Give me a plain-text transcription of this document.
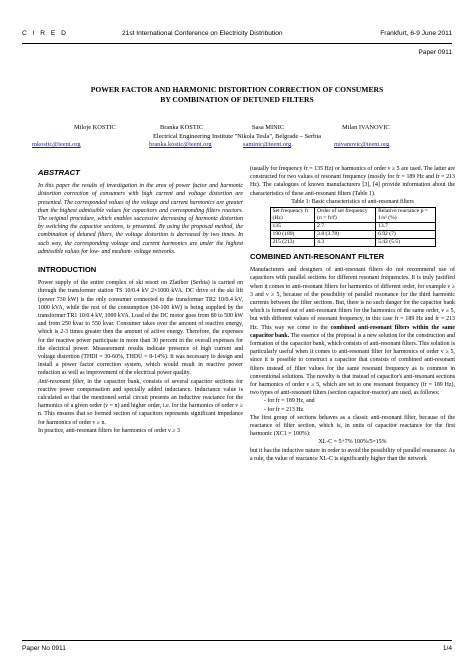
C I R E D	21st International Conference on Electricity Distribution	Frankfurt, 6-9 June 2011
Paper 0911
POWER FACTOR AND HARMONIC DISTORTION CORRECTION OF CONSUMERS
BY COMBINATION OF DETUNED FILTERS
Miloje KOSTIC	Branka KOSTIC	Sasa MINIC	Milan IVANOVIC
Electrical Engineering Institute "Nikola Tesla", Belgrade – Serbia
mkostic@ieent.org	branka.kostic@ieent.org	saminic@ieent.org	mivanovic@ieent.org
ABSTRACT

In this paper the results of investigation in the area of power factor and harmonic distortion correction of consumers with high current and voltage distortion are presented. The corresponded values of the voltage and current harmonics are greater than the highest admissible values for capacitors and corresponding filters reactors. The original procedure, which enables successive decreasing of harmonic distortion by switching the capacitor sections, is presented. By using the proposed method, the combination of detuned filters, the voltage distortion is decreased by two times. In such way, the corresponding voltage and current harmonics are under the highest admissible values for low- and medium- voltage networks.

INTRODUCTION

Power supply of the entire complex of ski resort on Zlatibor (Serbia) is carried on through the transformer station TS 10/0.4 kV 2×1000 kVA. DC drive of the ski lift (power 730 kW) is the only consumer connected to the transformer TR2 10/0.4 kV, 1000 kVA, while the rest of the consumption (30-100 kW) is being supplied by the transformer TR1 10/0.4 kV, 1000 kVA. Load of the DC motor goes from 80 to 500 kW and from 250 kvar to 550 kvar. Consumer takes over the amount of reactive energy, which is 2-3 times greater then the amount of active energy. Therefore, the expenses for the reactive power participate in more than 30 percent in the overall expenses for the electrical power. Measurement results indicate presence of high current and voltage distortion (THDI = 30-60%, THDU = 8-14%). It was necessary to design and install a power factor correction system, which would result in reactive power reduction as well as improvement of the electrical power quality.

Anti-resonant filter, in the capacitor bank, consists of several capacitor sections for reactive power compensation and specially added inductance. Inductance value is calculated so that the mentioned serial circuit presents an inductive reactance for the harmonics of a given order (ν = n) and higher order, i.e. for the harmonics of order ν ≥ n. This ensures that so formed section of capacitors represents significant impedance for harmonics of order ν ≥ n.

In practice, anti-resonant filters for harmonics of order ν ≥ 3

(usually for frequency fr = 135 Hz) or harmonics of order ν ≥ 5 are used. The latter are constructed for two values of resonant frequency (mostly for fr = 189 Hz and fr = 213 Hz). The catalogues of known manufacturers [3], [4] provide information about the characteristics of these anti-resonant filters (Table 1).

Table 1: Basic characteristics of anti-resonant filters
Set frequency fr (Hz)	Order of set frequency (n = fr/f)	Relative reactance p = 1/n² (%)
135	2.7	13.7
190 (189)	3.8 (3.78)	6.92 (7)
215 (213)	4.3	5.42 (5.5)
COMBINED ANTI-RESONANT FILTER

Manufacturers and designers of anti-resonant filters do not recommend use of capacitors with parallel sections for different resonant frequencies. It is truly justified when it comes to anti-resonant filters for harmonics of different order, for example ν ≥ 3 and ν ≥ 5, because of the possibility of parallel resonance for the third harmonic currents between the filter sections. But, there is no such danger for the capacitor bank which is formed out of anti-resonant filters for the harmonics of the same order, ν ≥ 5, but with different values of resonant frequency, in this case fr = 189 Hz and fr = 213 Hz. This way we come to the combined anti-resonant filters within the same capacitor bank. The essence of the proposal is a new solution for the construction and formation of the capacitor bank, which consists of anti-resonant filters. This solution is particularly useful when it comes to anti-resonant filter for harmonics of order ν ≥ 5, since it is possible to construct a capacitor that consists of combined anti-resonant filters instead of filter values for the same resonant frequency as is common in conventional solutions. The novelty is that instead of capacitor's anti-resonant sections for harmonics of order ν ≥ 5, which are set to one resonant frequency (fr = 189 Hz), two types of anti-resonant filters (section capacitor-reactor) are used, as follows:

- for fr = 189 Hz, and
- for fr = 213 Hz.

The first group of sections behaves as a classic anti-resonant filter, because of the reactance of filter section, which is, in units of capacitor reactance for the first harmonic (XC1 = 100%):

XL-C = 5+7% 100%/5=15%

but it has the inductive nature in order to avoid the possibility of parallel resonance. As a rule, the value of reactance XL-C is significantly higher than the network

Paper No 0911	1/4
